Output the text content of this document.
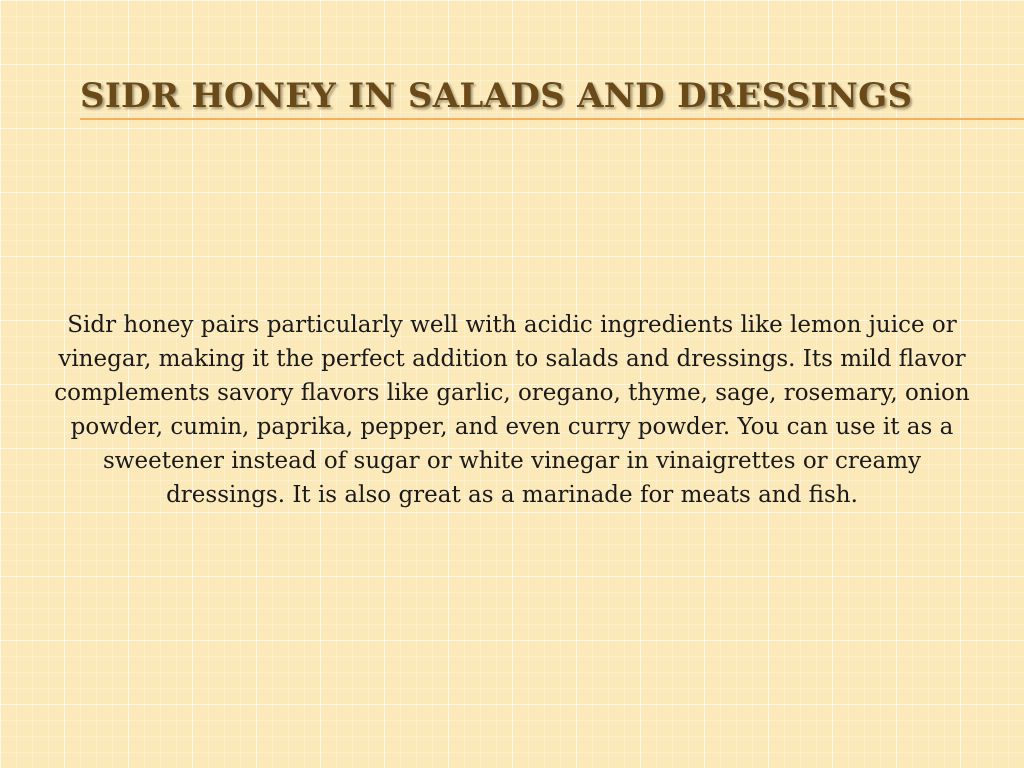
SIDR HONEY IN SALADS AND DRESSINGS

Sidr honey pairs particularly well with acidic ingredients like lemon juice or vinegar, making it the perfect addition to salads and dressings. Its mild flavor complements savory flavors like garlic, oregano, thyme, sage, rosemary, onion powder, cumin, paprika, pepper, and even curry powder. You can use it as a sweetener instead of sugar or white vinegar in vinaigrettes or creamy dressings. It is also great as a marinade for meats and fish.
